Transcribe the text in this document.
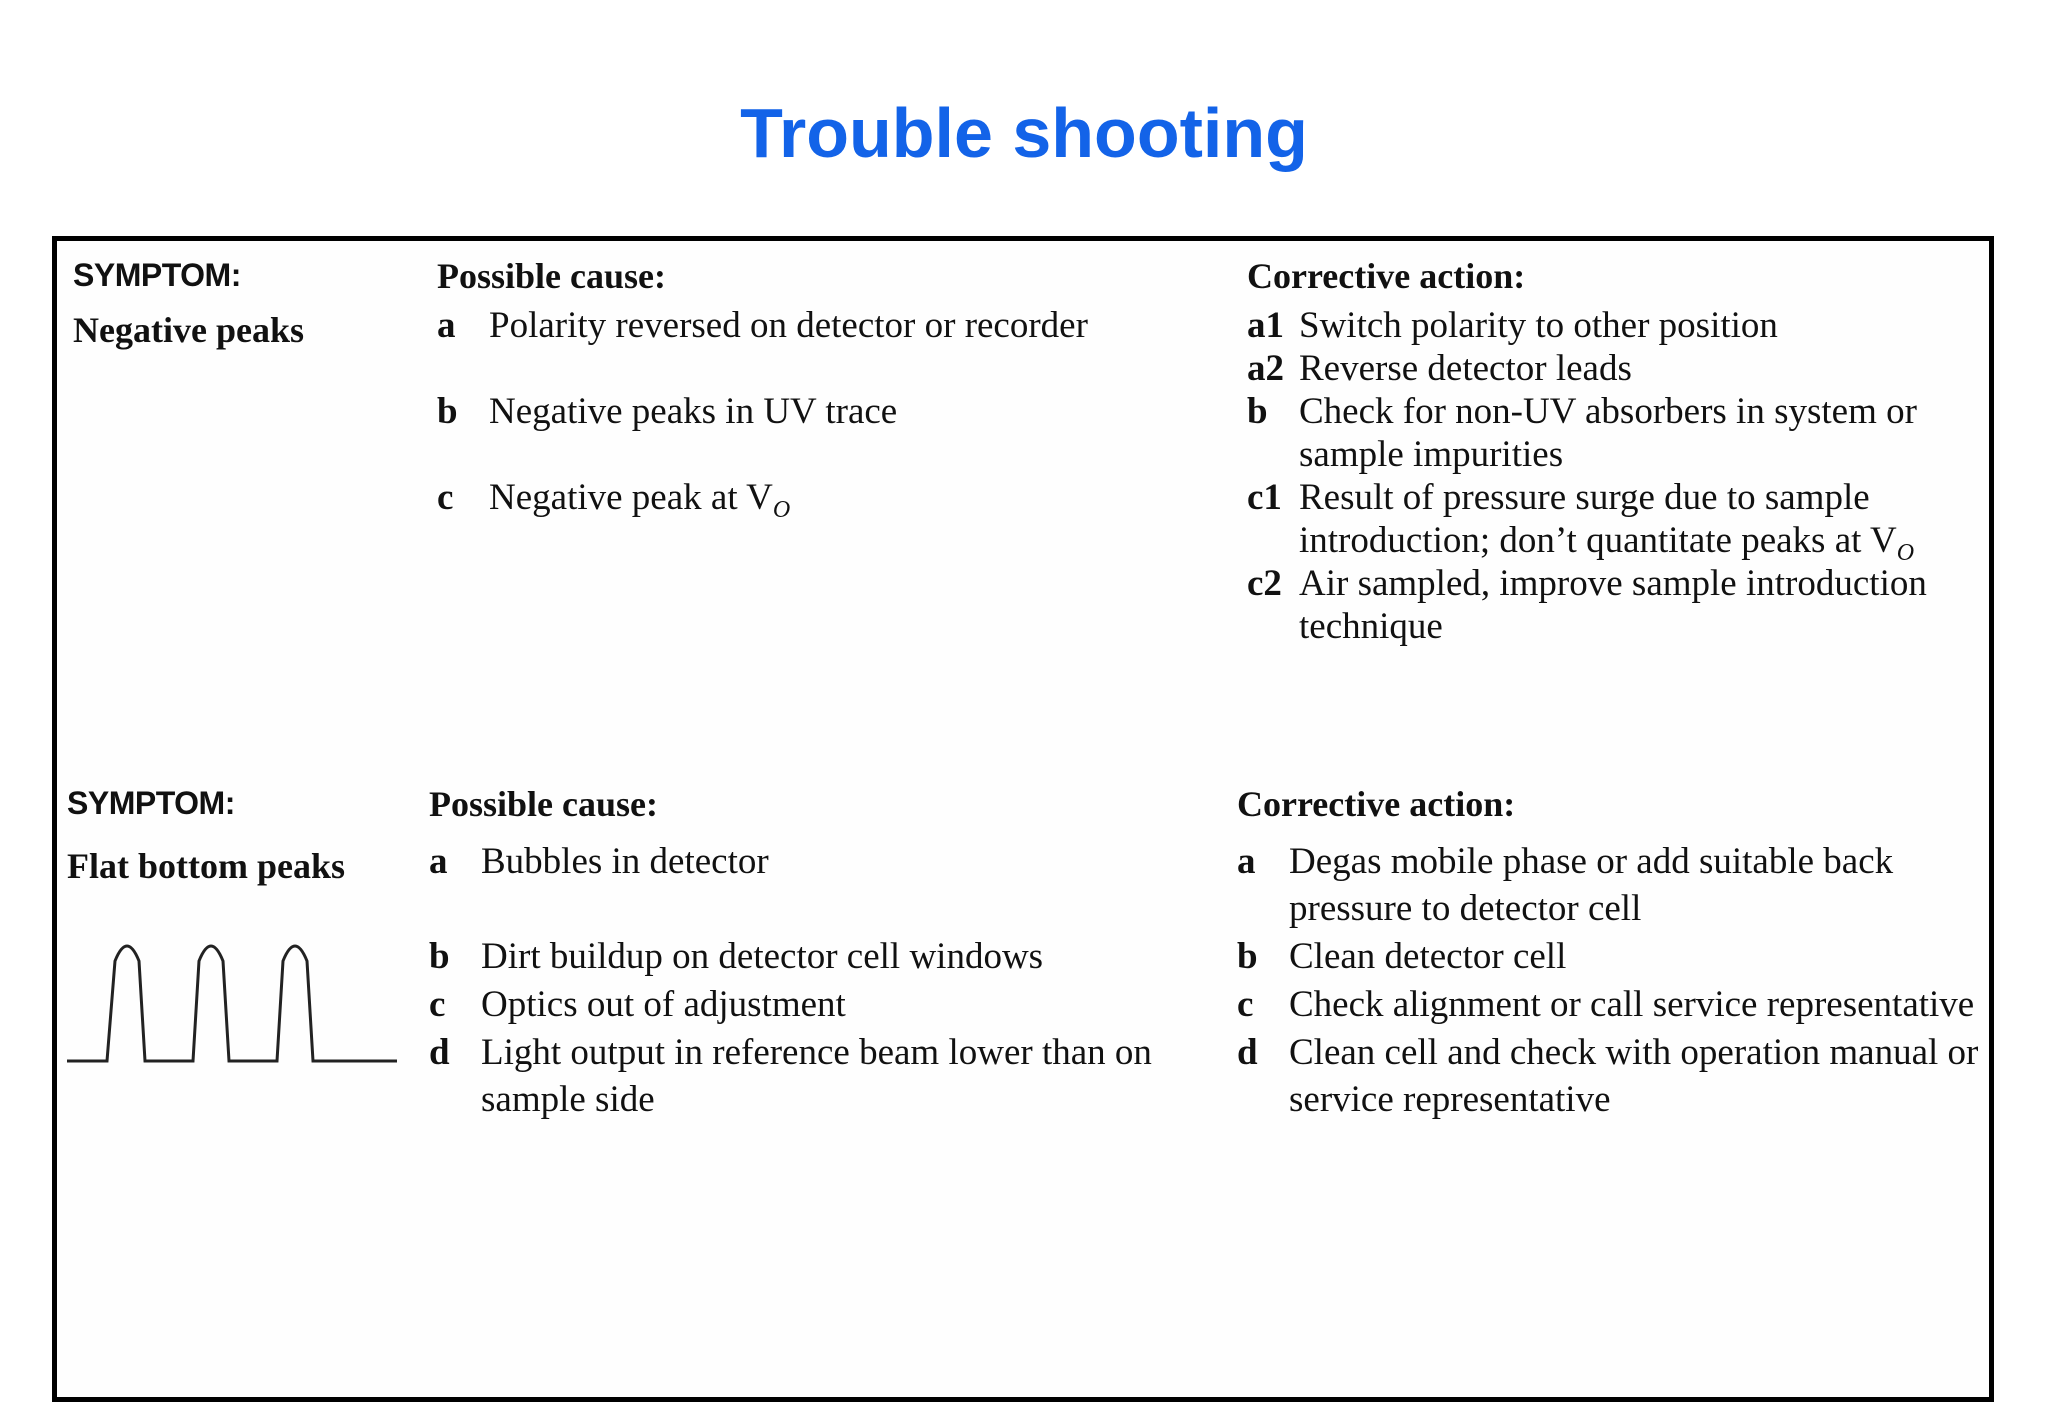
Trouble shooting
SYMPTOM:
Negative peaks
Possible cause:
a Polarity reversed on detector or recorder
b Negative peaks in UV trace
c Negative peak at $V_O$
Corrective action:
a1 Switch polarity to other position
a2 Reverse detector leads
b Check for non-UV absorbers in system or
sample impurities
c1 Result of pressure surge due to sample
introduction; don’t quantitate peaks at $V_O$
c2 Air sampled, improve sample introduction
technique
SYMPTOM:
Flat bottom peaks
Possible cause:
a Bubbles in detector
b Dirt buildup on detector cell windows
c Optics out of adjustment
d Light output in reference beam lower than on
sample side
Corrective action:
a Degas mobile phase or add suitable back
pressure to detector cell
b Clean detector cell
c Check alignment or call service representative
d Clean cell and check with operation manual or
service representative
